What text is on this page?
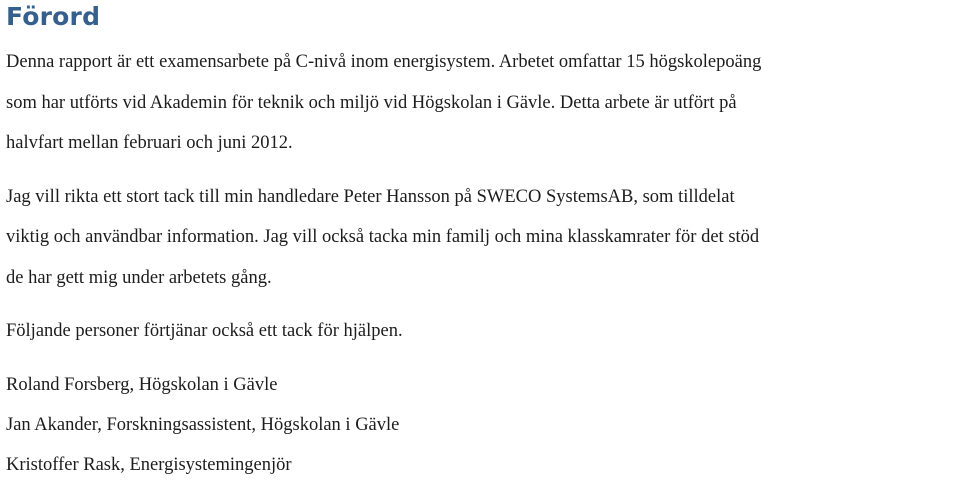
Förord

Denna rapport är ett examensarbete på C-nivå inom energisystem. Arbetet omfattar 15 högskolepoäng
som har utförts vid Akademin för teknik och miljö vid Högskolan i Gävle. Detta arbete är utfört på
halvfart mellan februari och juni 2012.

Jag vill rikta ett stort tack till min handledare Peter Hansson på SWECO SystemsAB, som tilldelat
viktig och användbar information. Jag vill också tacka min familj och mina klasskamrater för det stöd
de har gett mig under arbetets gång.

Följande personer förtjänar också ett tack för hjälpen.

Roland Forsberg, Högskolan i Gävle
Jan Akander, Forskningsassistent, Högskolan i Gävle
Kristoffer Rask, Energisystemingenjör
